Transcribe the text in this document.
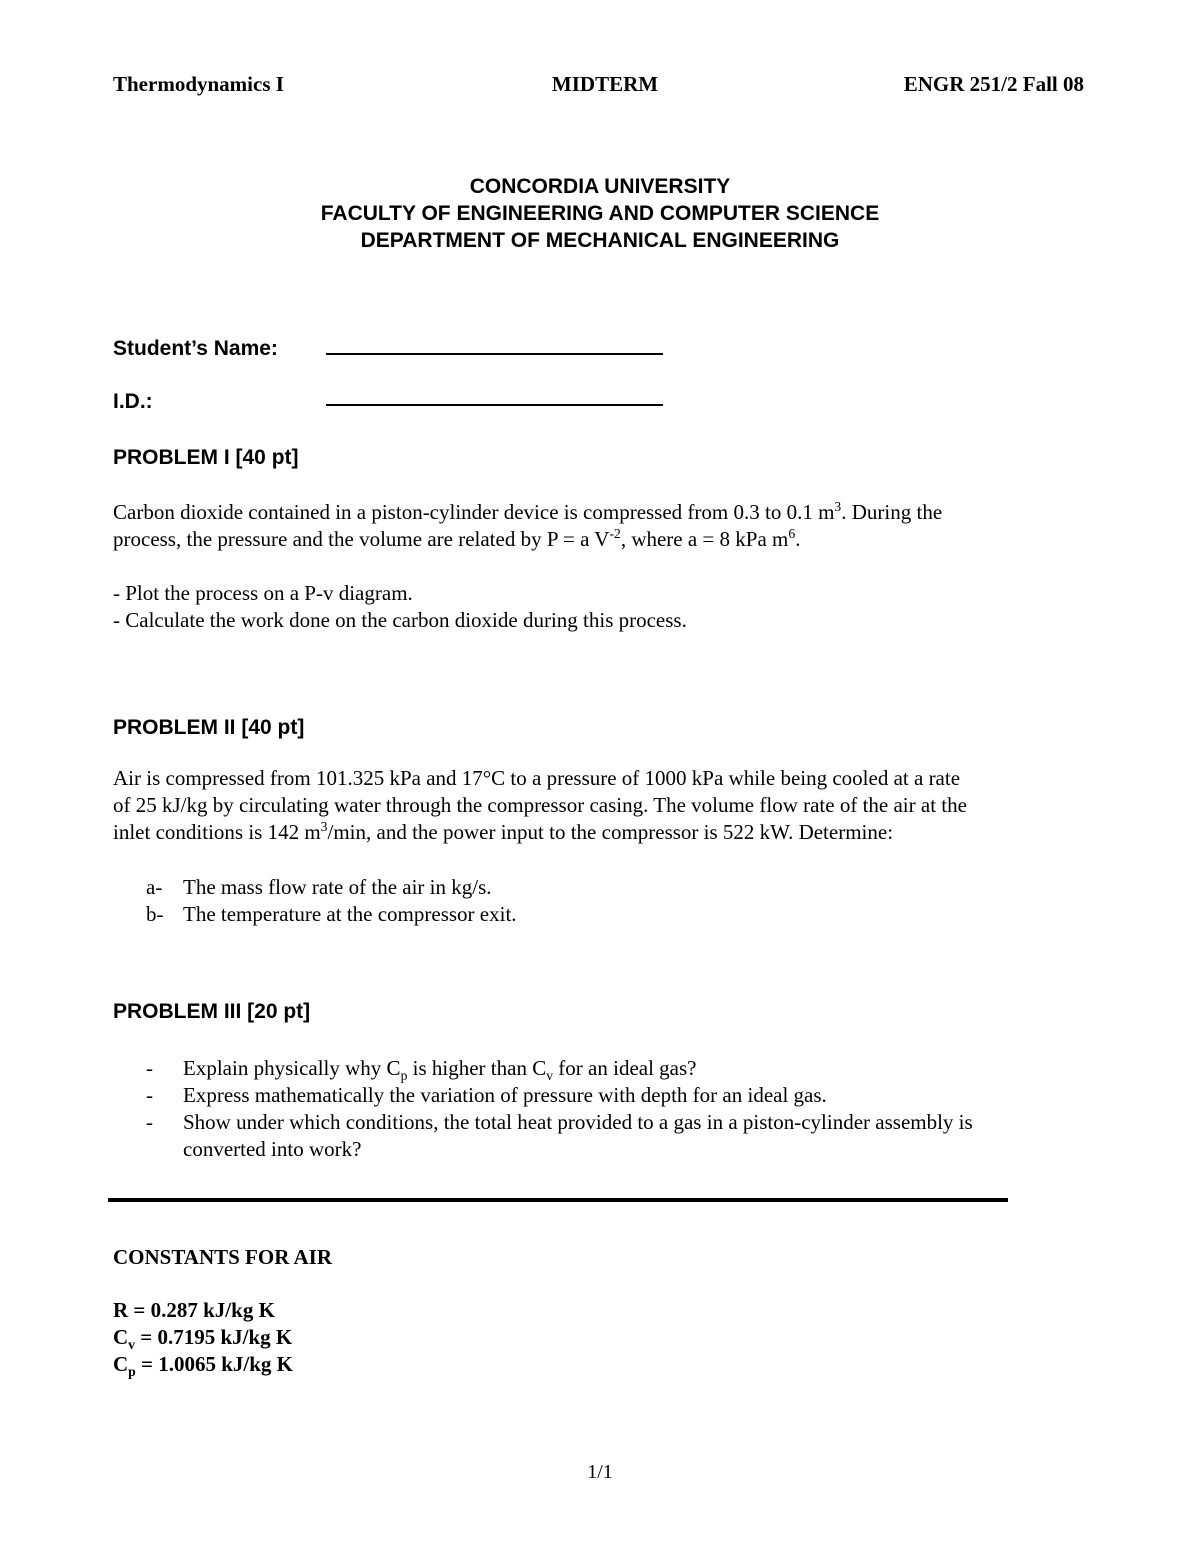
Thermodynamics I	MIDTERM	ENGR 251/2 Fall 08
CONCORDIA UNIVERSITY
FACULTY OF ENGINEERING AND COMPUTER SCIENCE
DEPARTMENT OF MECHANICAL ENGINEERING
Student’s Name:
I.D.:
PROBLEM I [40 pt]
Carbon dioxide contained in a piston-cylinder device is compressed from 0.3 to 0.1 $m^3$. During the
process, the pressure and the volume are related by P = a $V^{-2}$, where a = 8 kPa $m^6$.
- Plot the process on a P-v diagram.
- Calculate the work done on the carbon dioxide during this process.
PROBLEM II [40 pt]
Air is compressed from 101.325 kPa and 17°C to a pressure of 1000 kPa while being cooled at a rate
of 25 kJ/kg by circulating water through the compressor casing. The volume flow rate of the air at the
inlet conditions is 142 $m^3/\min$, and the power input to the compressor is 522 kW. Determine:
a- The mass flow rate of the air in kg/s.
b- The temperature at the compressor exit.
PROBLEM III [20 pt]
- Explain physically why $C_p$ is higher than $C_v$ for an ideal gas?
- Express mathematically the variation of pressure with depth for an ideal gas.
- Show under which conditions, the total heat provided to a gas in a piston-cylinder assembly is
converted into work?
CONSTANTS FOR AIR
R = 0.287 kJ/kg K
$C_v = 0.7195$ kJ/kg K
$C_p = 1.0065$ kJ/kg K
1/1
